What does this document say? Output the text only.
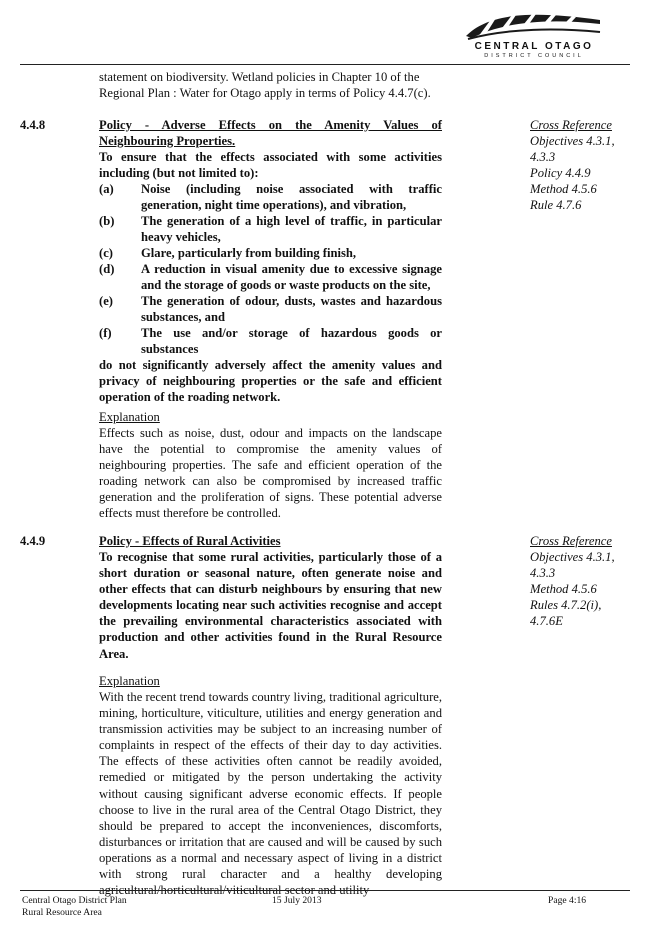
CENTRAL OTAGO
DISTRICT COUNCIL

statement on biodiversity. Wetland policies in Chapter 10 of the

Regional Plan : Water for Otago apply in terms of Policy 4.4.7(c).

4.4.8	Policy - Adverse Effects on the Amenity Values of

Neighbouring Properties.

To ensure that the effects associated with some activities including (but not limited to):

(a) Noise (including noise associated with traffic generation, night time operations), and vibration,
(b) The generation of a high level of traffic, in particular heavy vehicles,
(c) Glare, particularly from building finish,
(d) A reduction in visual amenity due to excessive signage and the storage of goods or waste products on the site,
(e) The generation of odour, dusts, wastes and hazardous substances, and
(f) The use and/or storage of hazardous goods or substances

do not significantly adversely affect the amenity values and privacy of neighbouring properties or the safe and efficient operation of the roading network.

Explanation

Effects such as noise, dust, odour and impacts on the landscape have the potential to compromise the amenity values of neighbouring properties. The safe and efficient operation of the roading network can also be compromised by increased traffic generation and the proliferation of signs. These potential adverse effects must therefore be controlled.

Cross Reference
Objectives 4.3.1,
4.3.3
Policy 4.4.9
Method 4.5.6
Rule 4.7.6
4.4.9	Policy - Effects of Rural Activities

To recognise that some rural activities, particularly those of a short duration or seasonal nature, often generate noise and other effects that can disturb neighbours by ensuring that new developments locating near such activities recognise and accept the prevailing environmental characteristics associated with production and other activities found in the Rural Resource Area.

Explanation

With the recent trend towards country living, traditional agriculture, mining, horticulture, viticulture, utilities and energy generation and transmission activities may be subject to an increasing number of complaints in respect of the effects of their day to day activities. The effects of these activities often cannot be readily avoided, remedied or mitigated by the person undertaking the activity without causing significant adverse economic effects. If people choose to live in the rural area of the Central Otago District, they should be prepared to accept the inconveniences, discomforts, disturbances or irritation that are caused and will be caused by such operations as a normal and necessary aspect of living in a district with strong rural character and a healthy developing agricultural/horticultural/viticultural sector and utility

Cross Reference
Objectives 4.3.1,
4.3.3
Method 4.5.6
Rules 4.7.2(i),
4.7.6E
Central Otago District Plan
Rural Resource Area
15 July 2013	Page 4:16
